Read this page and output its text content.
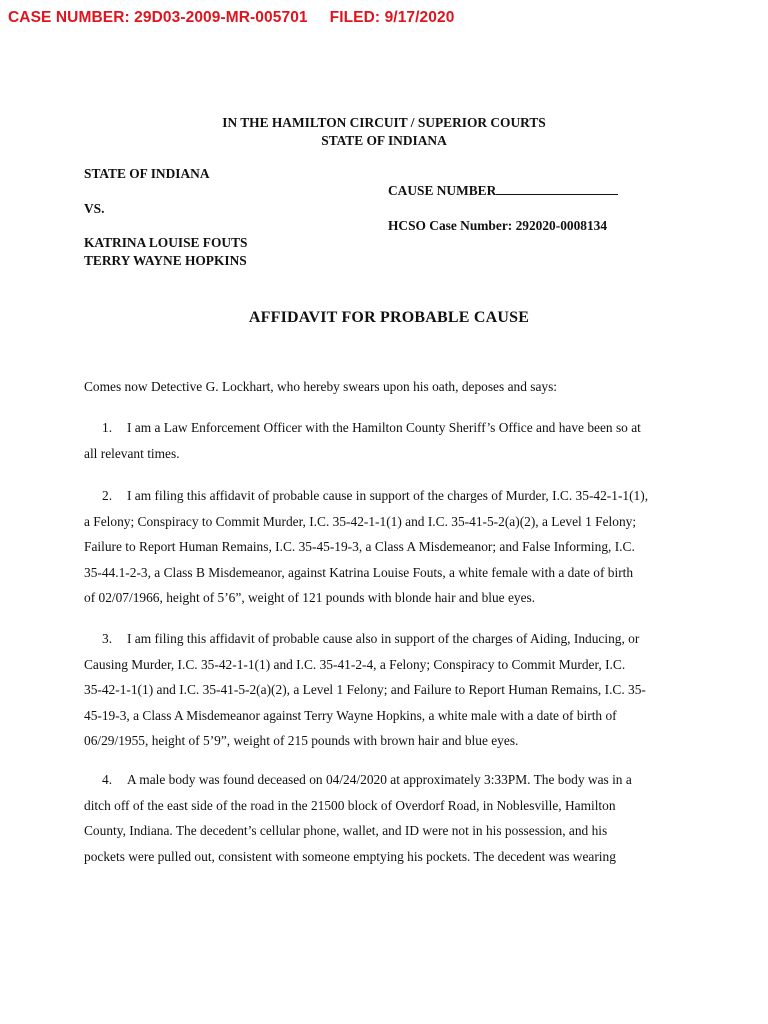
CASE NUMBER: 29D03-2009-MR-005701 FILED: 9/17/2020
IN THE HAMILTON CIRCUIT / SUPERIOR COURTS
STATE OF INDIANA
STATE OF INDIANA
VS.
KATRINA LOUISE FOUTS
TERRY WAYNE HOPKINS
CAUSE NUMBER
HCSO Case Number: 292020-0008134
AFFIDAVIT FOR PROBABLE CAUSE
Comes now Detective G. Lockhart, who hereby swears upon his oath, deposes and says:
1. I am a Law Enforcement Officer with the Hamilton County Sheriff’s Office and have been so at
all relevant times.
2. I am filing this affidavit of probable cause in support of the charges of Murder, I.C. 35-42-1-1(1),
a Felony; Conspiracy to Commit Murder, I.C. 35-42-1-1(1) and I.C. 35-41-5-2(a)(2), a Level 1 Felony;
Failure to Report Human Remains, I.C. 35-45-19-3, a Class A Misdemeanor; and False Informing, I.C.
35-44.1-2-3, a Class B Misdemeanor, against Katrina Louise Fouts, a white female with a date of birth
of 02/07/1966, height of 5’6”, weight of 121 pounds with blonde hair and blue eyes.
3. I am filing this affidavit of probable cause also in support of the charges of Aiding, Inducing, or
Causing Murder, I.C. 35-42-1-1(1) and I.C. 35-41-2-4, a Felony; Conspiracy to Commit Murder, I.C.
35-42-1-1(1) and I.C. 35-41-5-2(a)(2), a Level 1 Felony; and Failure to Report Human Remains, I.C. 35-
45-19-3, a Class A Misdemeanor against Terry Wayne Hopkins, a white male with a date of birth of
06/29/1955, height of 5’9”, weight of 215 pounds with brown hair and blue eyes.
4. A male body was found deceased on 04/24/2020 at approximately 3:33PM. The body was in a
ditch off of the east side of the road in the 21500 block of Overdorf Road, in Noblesville, Hamilton
County, Indiana. The decedent’s cellular phone, wallet, and ID were not in his possession, and his
pockets were pulled out, consistent with someone emptying his pockets. The decedent was wearing
